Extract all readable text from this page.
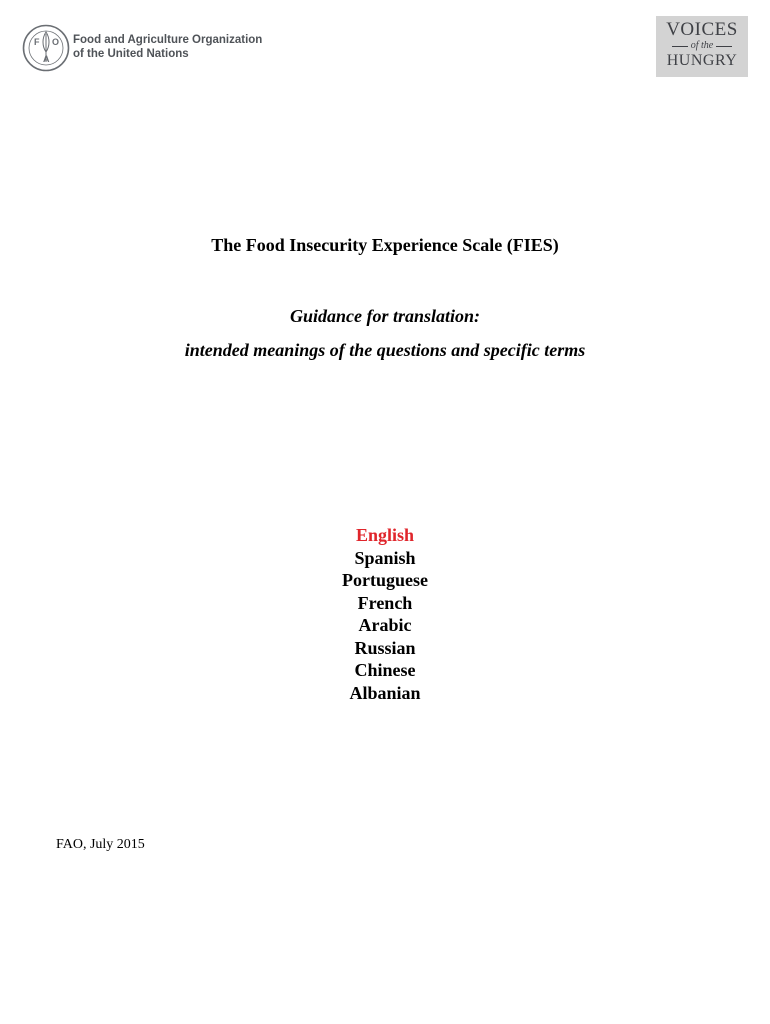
F
A
O Food and Agriculture Organization
of the United Nations
VOICES
of the
HUNGRY
The Food Insecurity Experience Scale (FIES)
Guidance for translation:
intended meanings of the questions and specific terms
English
Spanish
Portuguese
French
Arabic
Russian
Chinese
Albanian
FAO, July 2015
